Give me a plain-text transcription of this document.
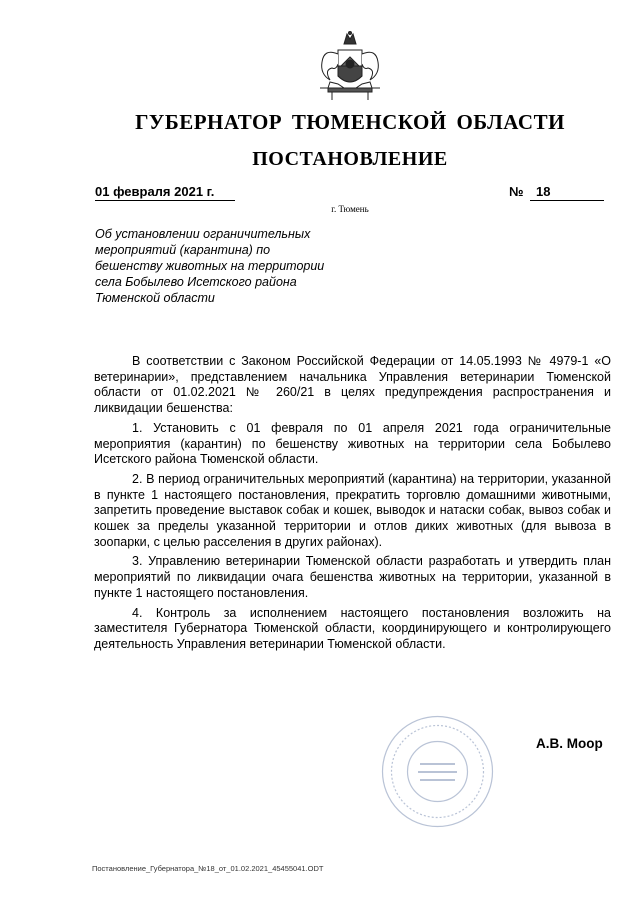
ГУБЕРНАТОР ТЮМЕНСКОЙ ОБЛАСТИ
ПОСТАНОВЛЕНИЕ
01 февраля 2021 г.	№ 18
г. Тюмень
Об установлении ограничительных
мероприятий (карантина) по
бешенству животных на территории
села Бобылево Исетского района
Тюменской области

В соответствии с Законом Российской Федерации от 14.05.1993 № 4979-1 «О ветеринарии», представлением начальника Управления ветеринарии Тюменской области от 01.02.2021 № 260/21 в целях предупреждения распространения и ликвидации бешенства:

1. Установить с 01 февраля по 01 апреля 2021 года ограничительные мероприятия (карантин) по бешенству животных на территории села Бобылево Исетского района Тюменской области.

2. В период ограничительных мероприятий (карантина) на территории, указанной в пункте 1 настоящего постановления, прекратить торговлю домашними животными, запретить проведение выставок собак и кошек, выводок и натаски собак, вывоз собак и кошек за пределы указанной территории и отлов диких животных (для вывоза в зоопарки, с целью расселения в других районах).

3. Управлению ветеринарии Тюменской области разработать и утвердить план мероприятий по ликвидации очага бешенства животных на территории, указанной в пункте 1 настоящего постановления.

4. Контроль за исполнением настоящего постановления возложить на заместителя Губернатора Тюменской области, координирующего и контролирующего деятельность Управления ветеринарии Тюменской области.

А.В. Моор
Постановление_Губернатора_№18_от_01.02.2021_45455041.ODT
